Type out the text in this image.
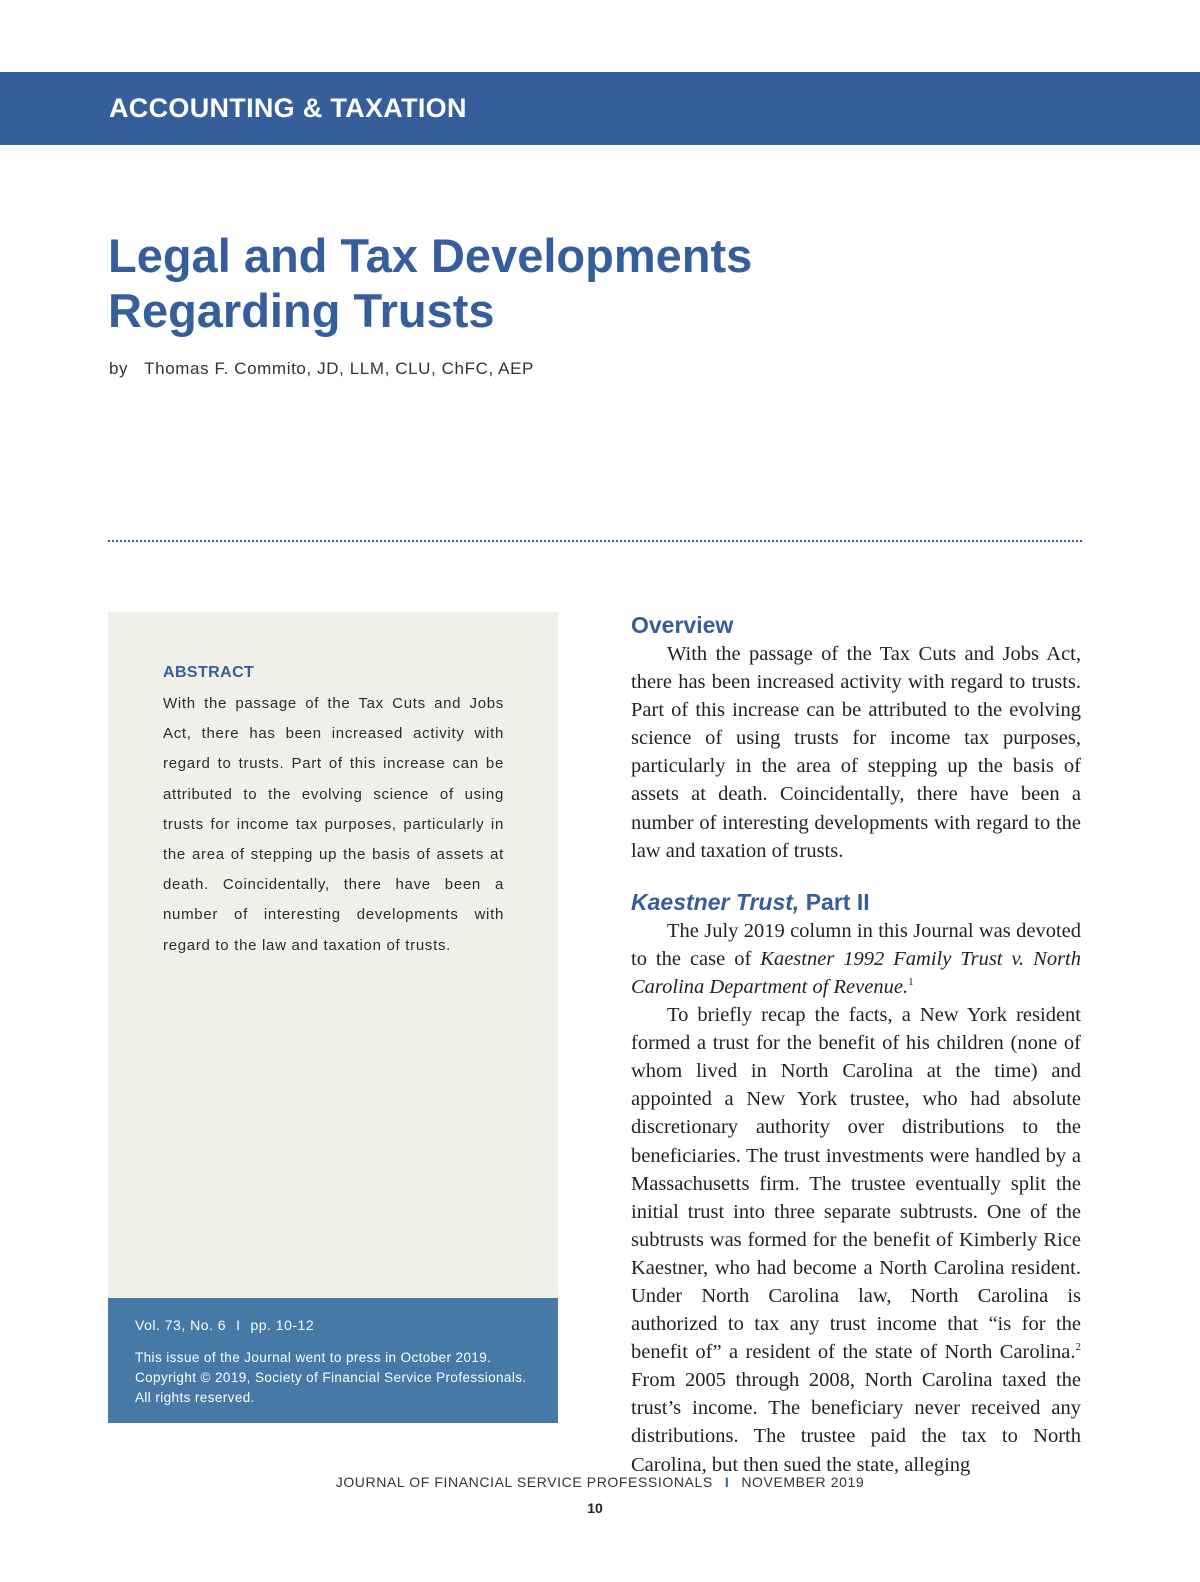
ACCOUNTING & TAXATION
Legal and Tax Developments
Regarding Trusts
by Thomas F. Commito, JD, LLM, CLU, ChFC, AEP
ABSTRACT

With the passage of the Tax Cuts and Jobs Act, there has been increased activity with regard to trusts. Part of this increase can be attributed to the evolving science of using trusts for income tax purposes, particularly in the area of stepping up the basis of assets at death. Coincidentally, there have been a number of interesting developments with regard to the law and taxation of trusts.

Vol. 73, No. 6 I pp. 10-12

This issue of the Journal went to press in October 2019.
Copyright © 2019, Society of Financial Service Professionals.
All rights reserved.

Overview

With the passage of the Tax Cuts and Jobs Act, there has been increased activity with regard to trusts. Part of this increase can be attributed to the evolving science of using trusts for income tax purposes, particularly in the area of stepping up the basis of assets at death. Coincidentally, there have been a number of interesting developments with regard to the law and taxation of trusts.

Kaestner Trust, Part II

The July 2019 column in this Journal was devoted to the case of Kaestner 1992 Family Trust v. North Carolina Department of Revenue.$^1$

To briefly recap the facts, a New York resident formed a trust for the benefit of his children (none of whom lived in North Carolina at the time) and appointed a New York trustee, who had absolute discretionary authority over distributions to the beneficiaries. The trust investments were handled by a Massachusetts firm. The trustee eventually split the initial trust into three separate subtrusts. One of the subtrusts was formed for the benefit of Kimberly Rice Kaestner, who had become a North Carolina resident. Under North Carolina law, North Carolina is authorized to tax any trust income that “is for the benefit of” a resident of the state of North Carolina.$^2$ From 2005 through 2008, North Carolina taxed the trust’s income. The beneficiary never received any distributions. The trustee paid the tax to North Carolina, but then sued the state, alleging

JOURNAL OF FINANCIAL SERVICE PROFESSIONALS I NOVEMBER 2019
10
